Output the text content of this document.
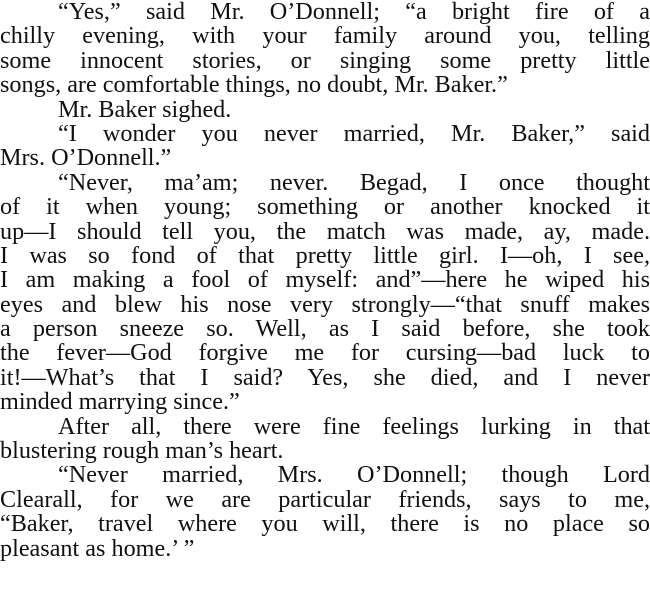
“Yes,” said Mr. O’Donnell; “a bright fire of a
chilly evening, with your family around you, telling
some innocent stories, or singing some pretty little
songs, are comfortable things, no doubt, Mr. Baker.”
Mr. Baker sighed.
“I wonder you never married, Mr. Baker,” said
Mrs. O’Donnell.”
“Never, ma’am; never. Begad, I once thought
of it when young; something or another knocked it
up—I should tell you, the match was made, ay, made.
I was so fond of that pretty little girl. I—oh, I see,
I am making a fool of myself: and”—here he wiped his
eyes and blew his nose very strongly—“that snuff makes
a person sneeze so. Well, as I said before, she took
the fever—God forgive me for cursing—bad luck to
it!—What’s that I said? Yes, she died, and I never
minded marrying since.”
After all, there were fine feelings lurking in that
blustering rough man’s heart.
“Never married, Mrs. O’Donnell; though Lord
Clearall, for we are particular friends, says to me,
“Baker, travel where you will, there is no place so
pleasant as home.’ ”
